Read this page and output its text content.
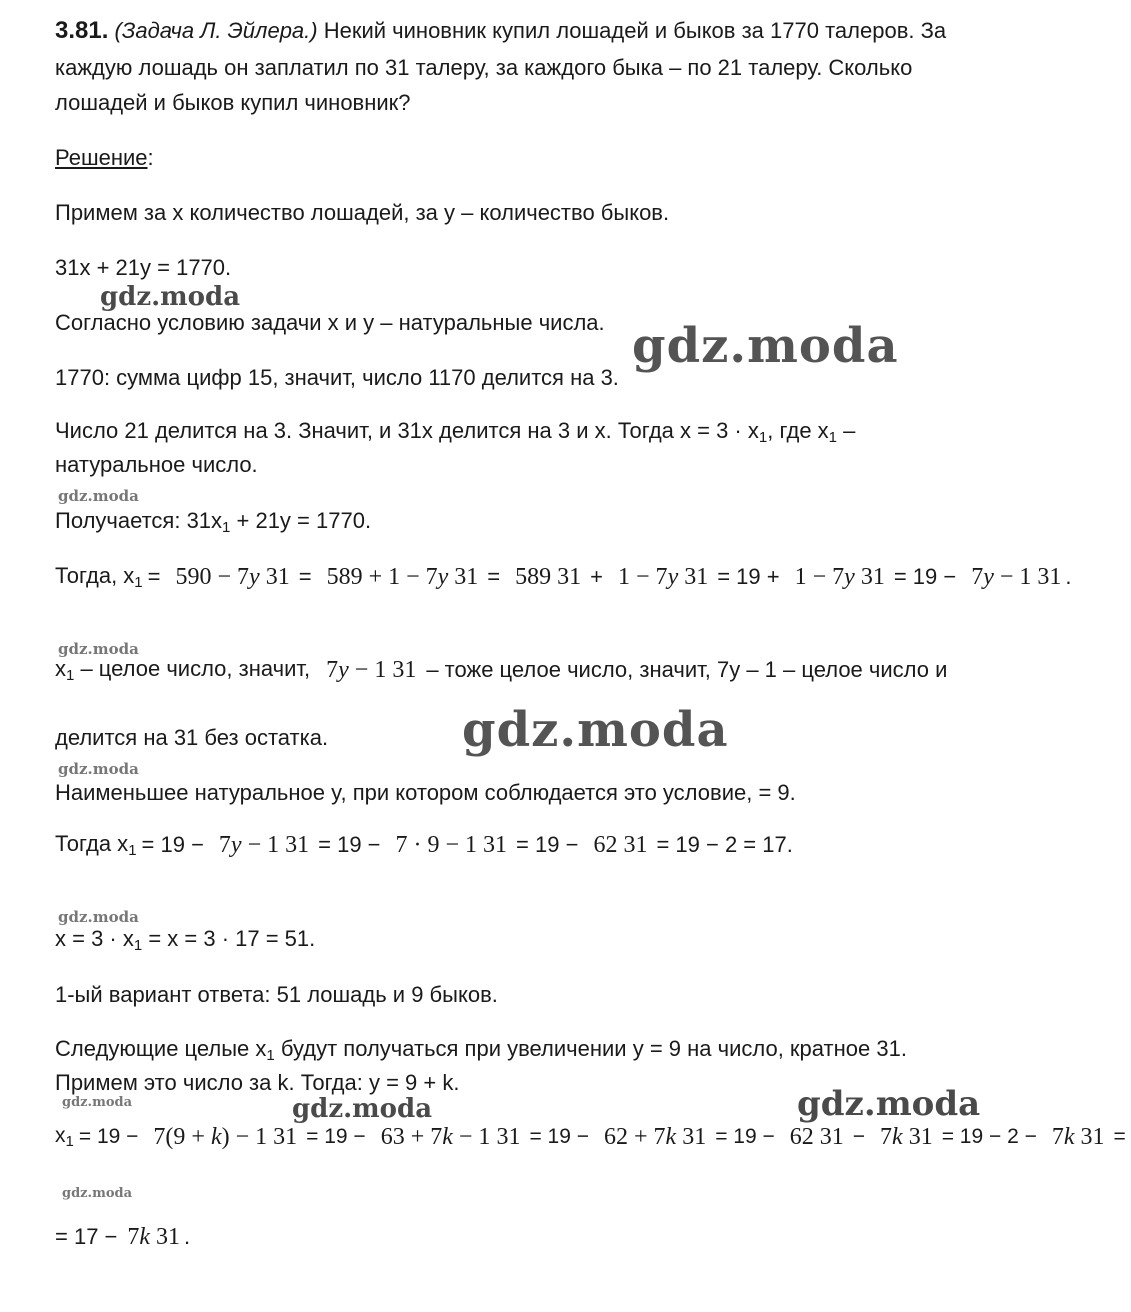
3.81. (Задача Л. Эйлера.) Некий чиновник купил лошадей и быков за 1770 талеров. За
каждую лошадь он заплатил по 31 талеру, за каждого быка – по 21 талеру. Сколько
лошадей и быков купил чиновник?
Решение:
Примем за x количество лошадей, за y – количество быков.
31x + 21y = 1770.
Согласно условию задачи x и y – натуральные числа.
1770: сумма цифр 15, значит, число 1170 делится на 3.
Число 21 делится на 3. Значит, и 31x делится на 3 и x. Тогда $x = 3 \cdot x_1$, где $x_1$ –
натуральное число.
Получается: $31x_1 + 21y = 1770$.
Тогда, $x_1 = 590 - 7y$ 31 = 589 + 1 − 7y 31 = 589 31 + 1 − 7y 31 = 19 + 1 − 7y 31 = 19 − 7y − 1 31 .
$x_1$ – целое число, значит, 7y − 1 31 – тоже целое число, значит, 7y – 1 – целое число и
делится на 31 без остатка.
Наименьшее натуральное y, при котором соблюдается это условие, = 9.
Тогда $x_1 = 19 - 7y - 1$ 31 = 19 − 7 · 9 − 1 31 = 19 − 62 31 = 19 − 2 = 17.
$x = 3 \cdot x_1 = x = 3 \cdot 17 = 51$.
1-ый вариант ответа: 51 лошадь и 9 быков.
Следующие целые $x_1$ будут получаться при увеличении y = 9 на число, кратное 31.
Примем это число за k. Тогда: y = 9 + k.
$x_1 = 19 - 7(9 + k) - 1$ 31 = 19 − 63 + 7k − 1 31 = 19 − 62 + 7k 31 = 19 − 62 31 − 7k 31 = 19 − 2 − 7k 31 =
= 17 − 7k 31 .
gdz.moda
gdz.moda
gdz.moda
gdz.moda
gdz.moda
gdz.moda
gdz.moda
gdz.moda	gdz.moda	gdz.moda
gdz.moda
